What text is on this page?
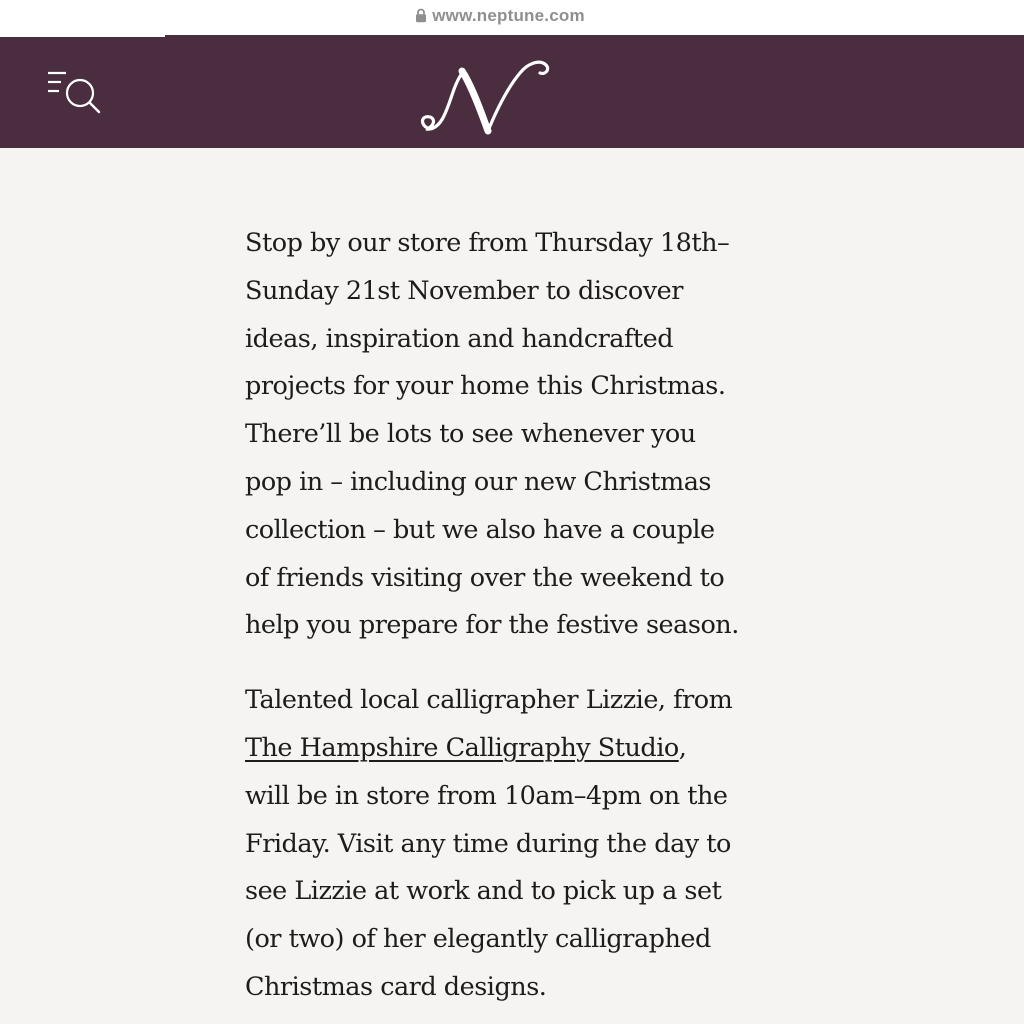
www.neptune.com

Stop by our store from Thursday 18th–
Sunday 21st November to discover
ideas, inspiration and handcrafted
projects for your home this Christmas.
There’ll be lots to see whenever you
pop in – including our new Christmas
collection – but we also have a couple
of friends visiting over the weekend to
help you prepare for the festive season.

Talented local calligrapher Lizzie, from
The Hampshire Calligraphy Studio,
will be in store from 10am–4pm on the
Friday. Visit any time during the day to
see Lizzie at work and to pick up a set
(or two) of her elegantly calligraphed
Christmas card designs.
